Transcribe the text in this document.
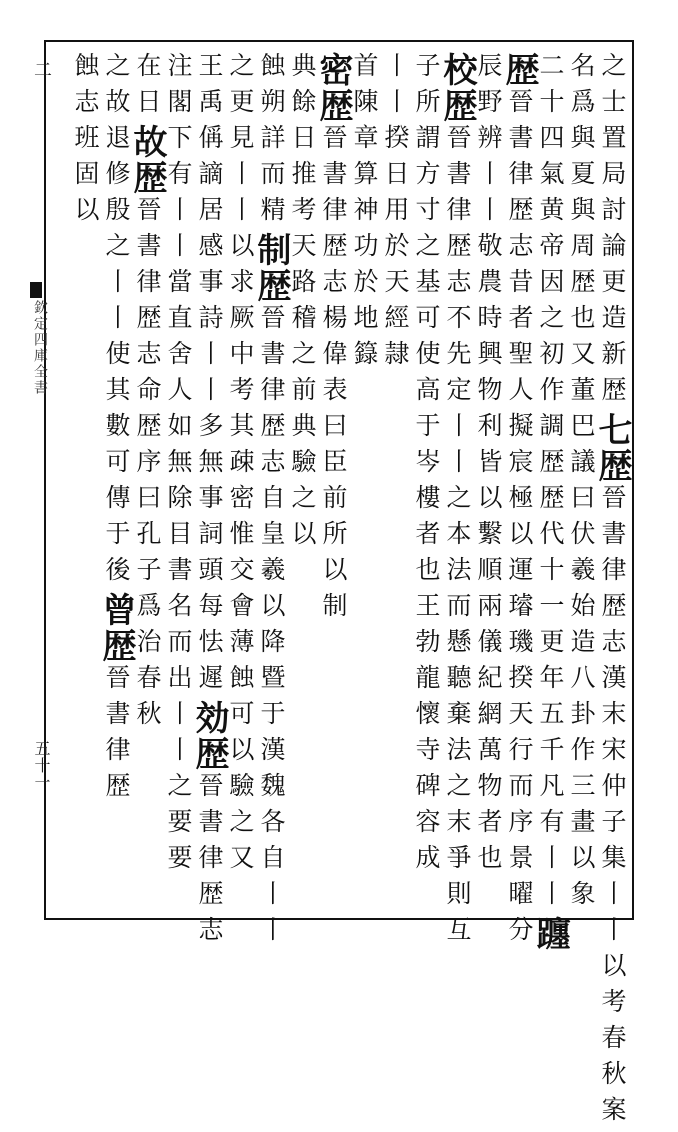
二
欽定四庫全書
五十一
之士置局討論更造新歴七歴晉書律歴志漢末宋仲子集丨丨以考春秋案
名爲與夏與周歴也又董巴議曰伏羲始造八卦作三畫以象
二十四氣黄帝因之初作調歴歴代十一更年五千凡有丨丨躔
歴晉書律歴志昔者聖人擬宸極以運璿璣揆天行而序景曜分
辰野辨丨丨敬農時興物利皆以繫順兩儀紀網萬物者也
校歴晉書律歴志不先定丨丨之本法而懸聽棄法之末爭則互
子所謂方寸之基可使高于岑樓者也王勃龍懷寺碑容成
丨丨揆日用於天經隷
首陳章算神功於地籙
密歴晉書律歴志楊偉表曰臣前所以制
典餘日推考天路稽之前典驗之以
蝕朔詳而精制歴晉書律歴志自皇羲以降暨于漢魏各自丨丨
之更見丨丨以求厥中考其疎密惟交會薄蝕可以驗之又
王禹偁謫居感事詩丨丨多無事詞頭每怯遲効歴晉書律歴志
注閣下有丨丨當直舍人如無除目書名而出丨丨之要要
在日故歴晉書律歴志命歴序曰孔子爲治春秋
之故退修殷之丨丨使其數可傳于後曾歴晉書律歴
蝕志班固以
